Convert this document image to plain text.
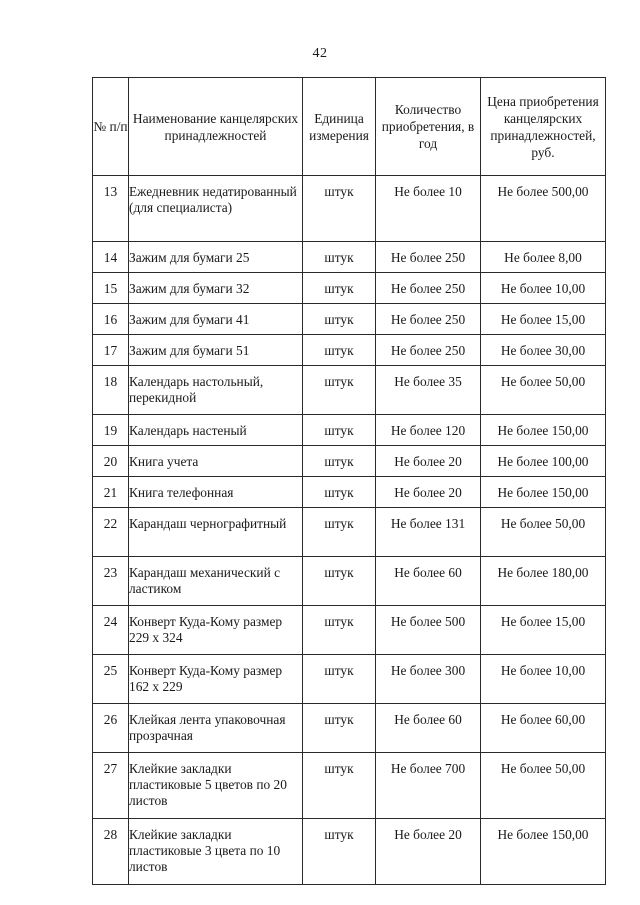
42
№ п/п	Наименование канцелярских принадлежностей	Единица измерения	Количество приобретения, в год	Цена приобретения канцелярских принадлежностей, руб.
13	Ежедневник недатированный (для специалиста)	штук	Не более 10	Не более 500,00
14	Зажим для бумаги 25	штук	Не более 250	Не более 8,00
15	Зажим для бумаги 32	штук	Не более 250	Не более 10,00
16	Зажим для бумаги 41	штук	Не более 250	Не более 15,00
17	Зажим для бумаги 51	штук	Не более 250	Не более 30,00
18	Календарь настольный, перекидной	штук	Не более 35	Не более 50,00
19	Календарь настеный	штук	Не более 120	Не более 150,00
20	Книга учета	штук	Не более 20	Не более 100,00
21	Книга телефонная	штук	Не более 20	Не более 150,00
22	Карандаш чернографитный	штук	Не более 131	Не более 50,00
23	Карандаш механический с ластиком	штук	Не более 60	Не более 180,00
24	Конверт Куда-Кому размер 229 х 324	штук	Не более 500	Не более 15,00
25	Конверт Куда-Кому размер 162 х 229	штук	Не более 300	Не более 10,00
26	Клейкая лента упаковочная прозрачная	штук	Не более 60	Не более 60,00
27	Клейкие закладки пластиковые 5 цветов по 20 листов	штук	Не более 700	Не более 50,00
28	Клейкие закладки пластиковые 3 цвета по 10 листов	штук	Не более 20	Не более 150,00
